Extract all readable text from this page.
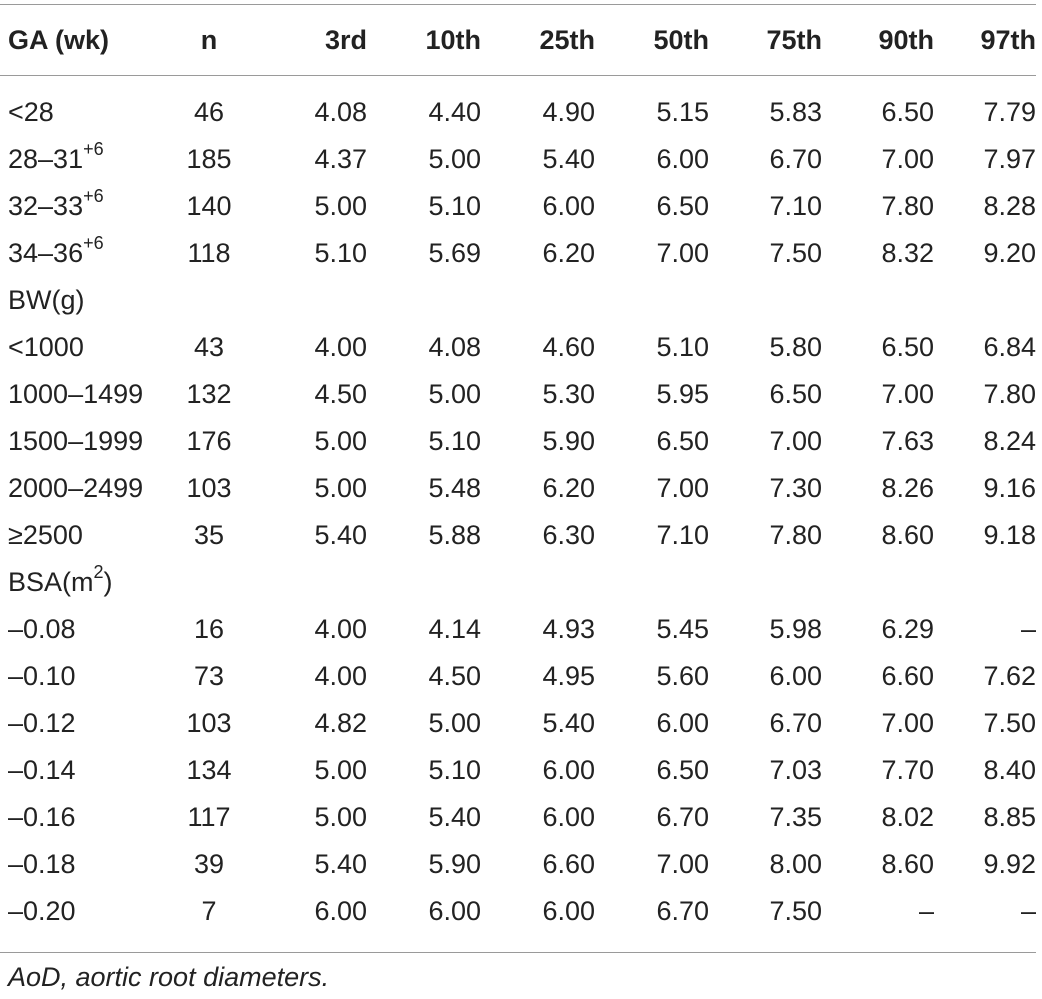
GA (wk)	n	3rd	10th	25th	50th	75th	90th	97th
<28	46	4.08	4.40	4.90	5.15	5.83	6.50	7.79
$28-31^{+6}$	185	4.37	5.00	5.40	6.00	6.70	7.00	7.97
$32-33^{+6}$	140	5.00	5.10	6.00	6.50	7.10	7.80	8.28
$34-36^{+6}$	118	5.10	5.69	6.20	7.00	7.50	8.32	9.20
BW(g)								
<1000	43	4.00	4.08	4.60	5.10	5.80	6.50	6.84
1000–1499	132	4.50	5.00	5.30	5.95	6.50	7.00	7.80
1500–1999	176	5.00	5.10	5.90	6.50	7.00	7.63	8.24
2000–2499	103	5.00	5.48	6.20	7.00	7.30	8.26	9.16
≥2500	35	5.40	5.88	6.30	7.10	7.80	8.60	9.18
$BSA(m^2)$								
–0.08	16	4.00	4.14	4.93	5.45	5.98	6.29	–
–0.10	73	4.00	4.50	4.95	5.60	6.00	6.60	7.62
–0.12	103	4.82	5.00	5.40	6.00	6.70	7.00	7.50
–0.14	134	5.00	5.10	6.00	6.50	7.03	7.70	8.40
–0.16	117	5.00	5.40	6.00	6.70	7.35	8.02	8.85
–0.18	39	5.40	5.90	6.60	7.00	8.00	8.60	9.92
–0.20	7	6.00	6.00	6.00	6.70	7.50	–	–
AoD, aortic root diameters.
